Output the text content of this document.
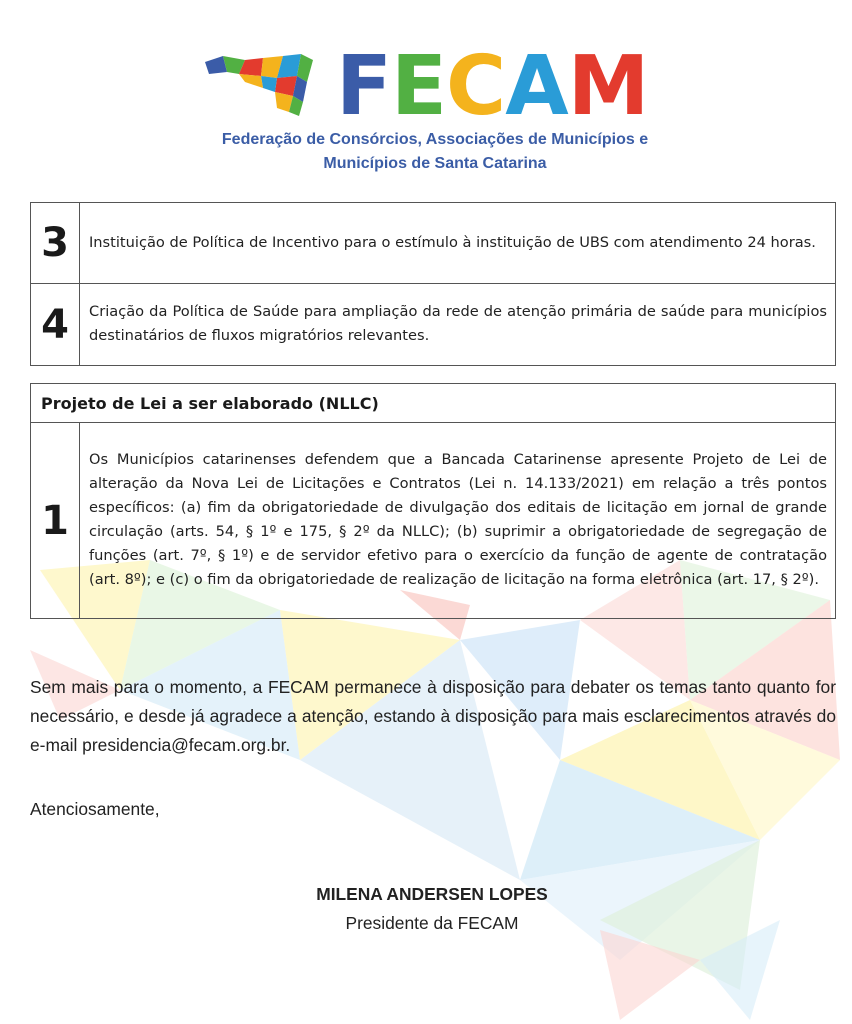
FECAM
Federação de Consórcios, Associações de Municípios e
Municípios de Santa Catarina
3	Instituição de Política de Incentivo para o estímulo à instituição de UBS com atendimento 24 horas.
4	Criação da Política de Saúde para ampliação da rede de atenção primária de saúde para municípios destinatários de fluxos migratórios relevantes.
Projeto de Lei a ser elaborado (NLLC)
1	Os Municípios catarinenses defendem que a Bancada Catarinense apresente Projeto de Lei de alteração da Nova Lei de Licitações e Contratos (Lei n. 14.133/2021) em relação a três pontos específicos: (a) fim da obrigatoriedade de divulgação dos editais de licitação em jornal de grande circulação (arts. 54, § 1º e 175, § 2º da NLLC); (b) suprimir a obrigatoriedade de segregação de funções (art. 7º, § 1º) e de servidor efetivo para o exercício da função de agente de contratação (art. 8º); e (c) o fim da obrigatoriedade de realização de licitação na forma eletrônica (art. 17, § 2º).
Sem mais para o momento, a FECAM permanece à disposição para debater os temas tanto quanto for necessário, e desde já agradece a atenção, estando à disposição para mais esclarecimentos através do e-mail presidencia@fecam.org.br.
Atenciosamente,
MILENA ANDERSEN LOPES
Presidente da FECAM
